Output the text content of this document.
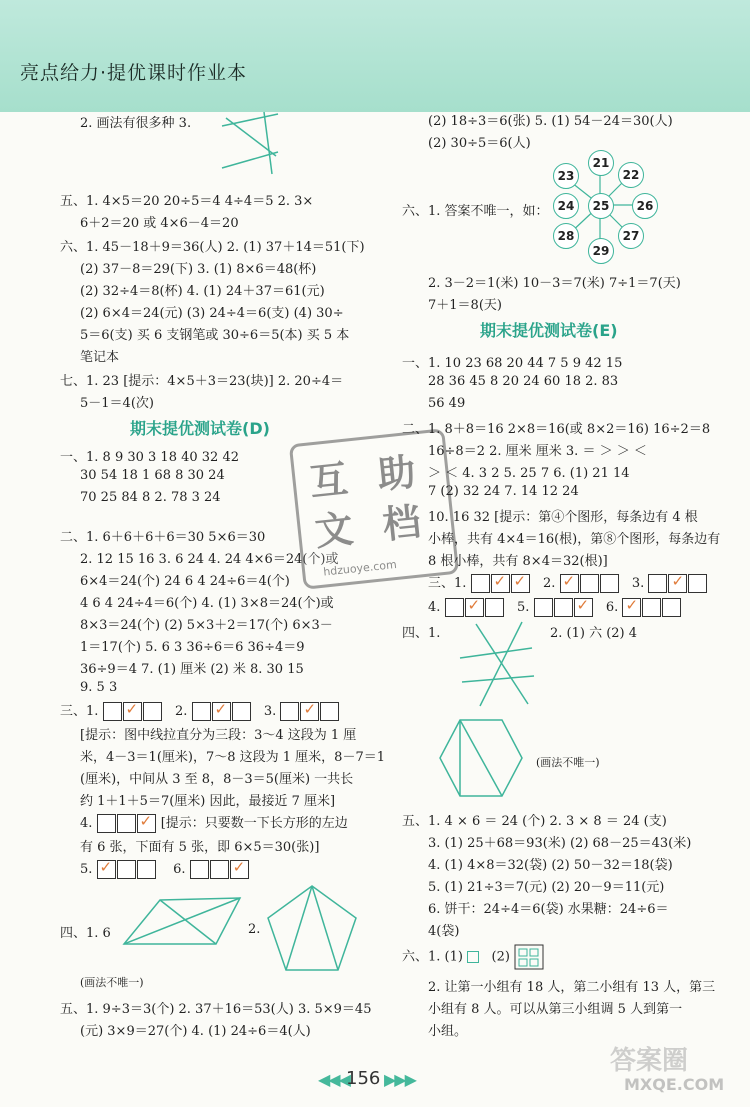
亮点给力·提优课时作业本
2. 画法有很多种 3.
五、1. 4×5＝20 20÷5＝4 4÷4＝5 2. 3×
6＋2＝20 或 4×6－4＝20
六、1. 45－18＋9＝36(人) 2. (1) 37＋14＝51(下)
(2) 37－8＝29(下) 3. (1) 8×6＝48(杯)
(2) 32÷4＝8(杯) 4. (1) 24＋37＝61(元)
(2) 6×4＝24(元) (3) 24÷4＝6(支) (4) 30÷
5＝6(支) 买 6 支钢笔或 30÷6＝5(本) 买 5 本
笔记本
七、1. 23 [提示：4×5＋3＝23(块)] 2. 20÷4＝
5－1＝4(次)
期末提优测试卷(D)
一、1. 8 9 30 3 18 40 32 42
30 54 18 1 68 8 30 24
70 25 84 8 2. 78 3 24
二、1. 6＋6＋6＋6＝30 5×6＝30
2. 12 15 16 3. 6 24 4. 24 4×6＝24(个)或
6×4＝24(个) 24 6 4 24÷6＝4(个)
4 6 4 24÷4＝6(个) 4. (1) 3×8＝24(个)或
8×3＝24(个) (2) 5×3＋2＝17(个) 6×3－
1＝17(个) 5. 6 3 36÷6＝6 36÷4＝9
36÷9＝4 7. (1) 厘米 (2) 米 8. 30 15
9. 5 3
三、1. ✓	2. ✓	3. ✓
[提示：图中线拉直分为三段：3～4 这段为 1 厘
米，4－3＝1(厘米)，7～8 这段为 1 厘米，8－7＝1
(厘米)，中间从 3 至 8，8－3＝5(厘米) 一共长
约 1＋1＋5＝7(厘米) 因此，最接近 7 厘米]
4. ✓	[提示：只要数一下长方形的左边
有 6 张，下面有 5 张，即 6×5＝30(张)]
5. ✓	6. ✓
四、1. 6	2.
(画法不唯一)
五、1. 9÷3＝3(个) 2. 37＋16＝53(人) 3. 5×9＝45
(元) 3×9＝27(个) 4. (1) 24÷6＝4(人)
互 助
文 档
hdzuoye.com
(2) 18÷3＝6(张) 5. (1) 54－24＝30(人)
(2) 30÷5＝6(人)
六、1. 答案不唯一，如：
21
22
26
27
29
28
24
23
25
2. 3－2＝1(米) 10－3＝7(米) 7÷1＝7(天)
7＋1＝8(天)
期末提优测试卷(E)
一、1. 10 23 68 20 44 7 5 9 42 15
28 36 45 8 20 24 60 18 2. 83
56 49
二、1. 8＋8＝16 2×8＝16(或 8×2＝16) 16÷2＝8
16÷8＝2 2. 厘米 厘米 3. ＝ ＞ ＞ ＜
＞ ＜ 4. 3 2 5. 25 7 6. (1) 21 14
7 (2) 32 24 7. 14 12 24
10. 16 32 [提示：第④个图形，每条边有 4 根
小棒，共有 4×4＝16(根)，第⑧个图形，每条边有
8 根小棒，共有 8×4＝32(根)]
三、1. ✓ ✓	2. ✓	3. ✓
4. ✓	5. ✓	6. ✓
四、1.	2. (1) 六 (2) 4
(画法不唯一)
五、1. 4 × 6 ＝ 24 (个) 2. 3 × 8 ＝ 24 (支)
3. (1) 25＋68＝93(米) (2) 68－25＝43(米)
4. (1) 4×8＝32(袋) (2) 50－32＝18(袋)
5. (1) 21÷3＝7(元) (2) 20－9＝11(元)
6. 饼干：24÷4＝6(袋) 水果糖：24÷6＝
4(袋)
六、1. (1) (2)
2. 让第一小组有 18 人，第二小组有 13 人，第三
小组有 8 人。可以从第三小组调 5 人到第一
小组。
◀◀◀
156 ▶▶▶
答案圈
MXQE.COM
